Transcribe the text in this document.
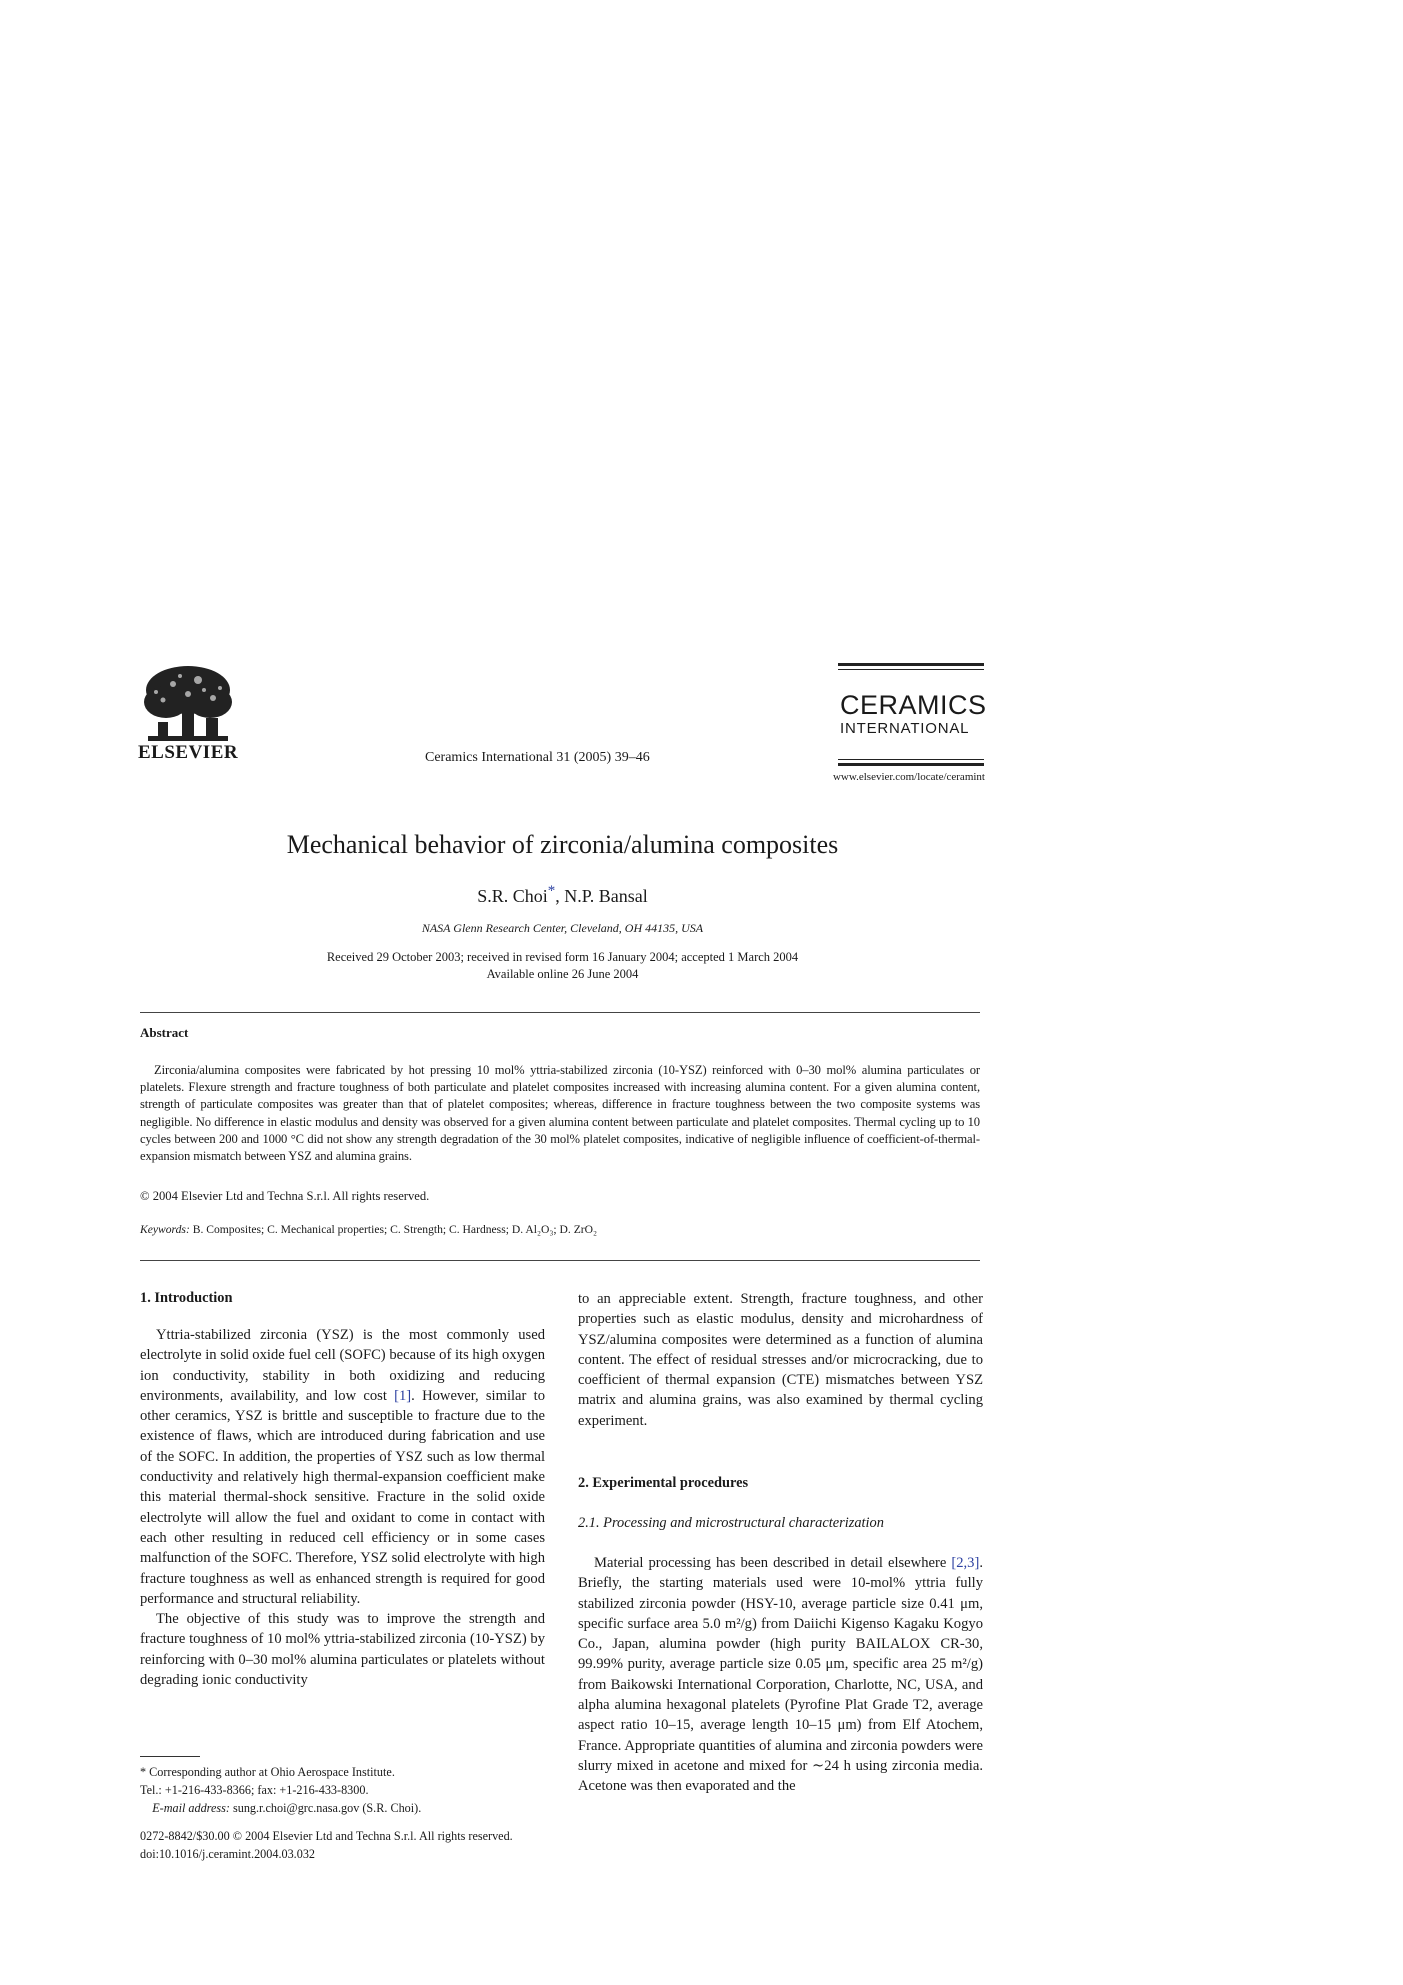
ELSEVIER	Ceramics International 31 (2005) 39–46
CERAMICS
INTERNATIONAL
www.elsevier.com/locate/ceramint
Mechanical behavior of zirconia/alumina composites
S.R. Choi*, N.P. Bansal
NASA Glenn Research Center, Cleveland, OH 44135, USA
Received 29 October 2003; received in revised form 16 January 2004; accepted 1 March 2004
Available online 26 June 2004
Abstract
Zirconia/alumina composites were fabricated by hot pressing 10 mol% yttria-stabilized zirconia (10-YSZ) reinforced with 0–30 mol% alumina particulates or platelets. Flexure strength and fracture toughness of both particulate and platelet composites increased with increasing alumina content. For a given alumina content, strength of particulate composites was greater than that of platelet composites; whereas, difference in fracture toughness between the two composite systems was negligible. No difference in elastic modulus and density was observed for a given alumina content between particulate and platelet composites. Thermal cycling up to 10 cycles between 200 and 1000 °C did not show any strength degradation of the 30 mol% platelet composites, indicative of negligible influence of coefficient-of-thermal-expansion mismatch between YSZ and alumina grains.
© 2004 Elsevier Ltd and Techna S.r.l. All rights reserved.
Keywords: B. Composites; C. Mechanical properties; C. Strength; C. Hardness; D. Al₂O₃; D. ZrO₂
1. Introduction

Yttria-stabilized zirconia (YSZ) is the most commonly used electrolyte in solid oxide fuel cell (SOFC) because of its high oxygen ion conductivity, stability in both oxidizing and reducing environments, availability, and low cost [1]. However, similar to other ceramics, YSZ is brittle and susceptible to fracture due to the existence of flaws, which are introduced during fabrication and use of the SOFC. In addition, the properties of YSZ such as low thermal conductivity and relatively high thermal-expansion coefficient make this material thermal-shock sensitive. Fracture in the solid oxide electrolyte will allow the fuel and oxidant to come in contact with each other resulting in reduced cell efficiency or in some cases malfunction of the SOFC. Therefore, YSZ solid electrolyte with high fracture toughness as well as enhanced strength is required for good performance and structural reliability.

The objective of this study was to improve the strength and fracture toughness of 10 mol% yttria-stabilized zirconia (10-YSZ) by reinforcing with 0–30 mol% alumina particulates or platelets without degrading ionic conductivity

to an appreciable extent. Strength, fracture toughness, and other properties such as elastic modulus, density and microhardness of YSZ/alumina composites were determined as a function of alumina content. The effect of residual stresses and/or microcracking, due to coefficient of thermal expansion (CTE) mismatches between YSZ matrix and alumina grains, was also examined by thermal cycling experiment.

2. Experimental procedures
2.1. Processing and microstructural characterization

Material processing has been described in detail elsewhere [2,3]. Briefly, the starting materials used were 10-mol% yttria fully stabilized zirconia powder (HSY-10, average particle size 0.41 μm, specific surface area 5.0 m²/g) from Daiichi Kigenso Kagaku Kogyo Co., Japan, alumina powder (high purity BAILALOX CR-30, 99.99% purity, average particle size 0.05 μm, specific area 25 m²/g) from Baikowski International Corporation, Charlotte, NC, USA, and alpha alumina hexagonal platelets (Pyrofine Plat Grade T2, average aspect ratio 10–15, average length 10–15 μm) from Elf Atochem, France. Appropriate quantities of alumina and zirconia powders were slurry mixed in acetone and mixed for ∼24 h using zirconia media. Acetone was then evaporated and the

* Corresponding author at Ohio Aerospace Institute.
Tel.: +1-216-433-8366; fax: +1-216-433-8300.
E-mail address: sung.r.choi@grc.nasa.gov (S.R. Choi).
0272-8842/$30.00 © 2004 Elsevier Ltd and Techna S.r.l. All rights reserved.
doi:10.1016/j.ceramint.2004.03.032
